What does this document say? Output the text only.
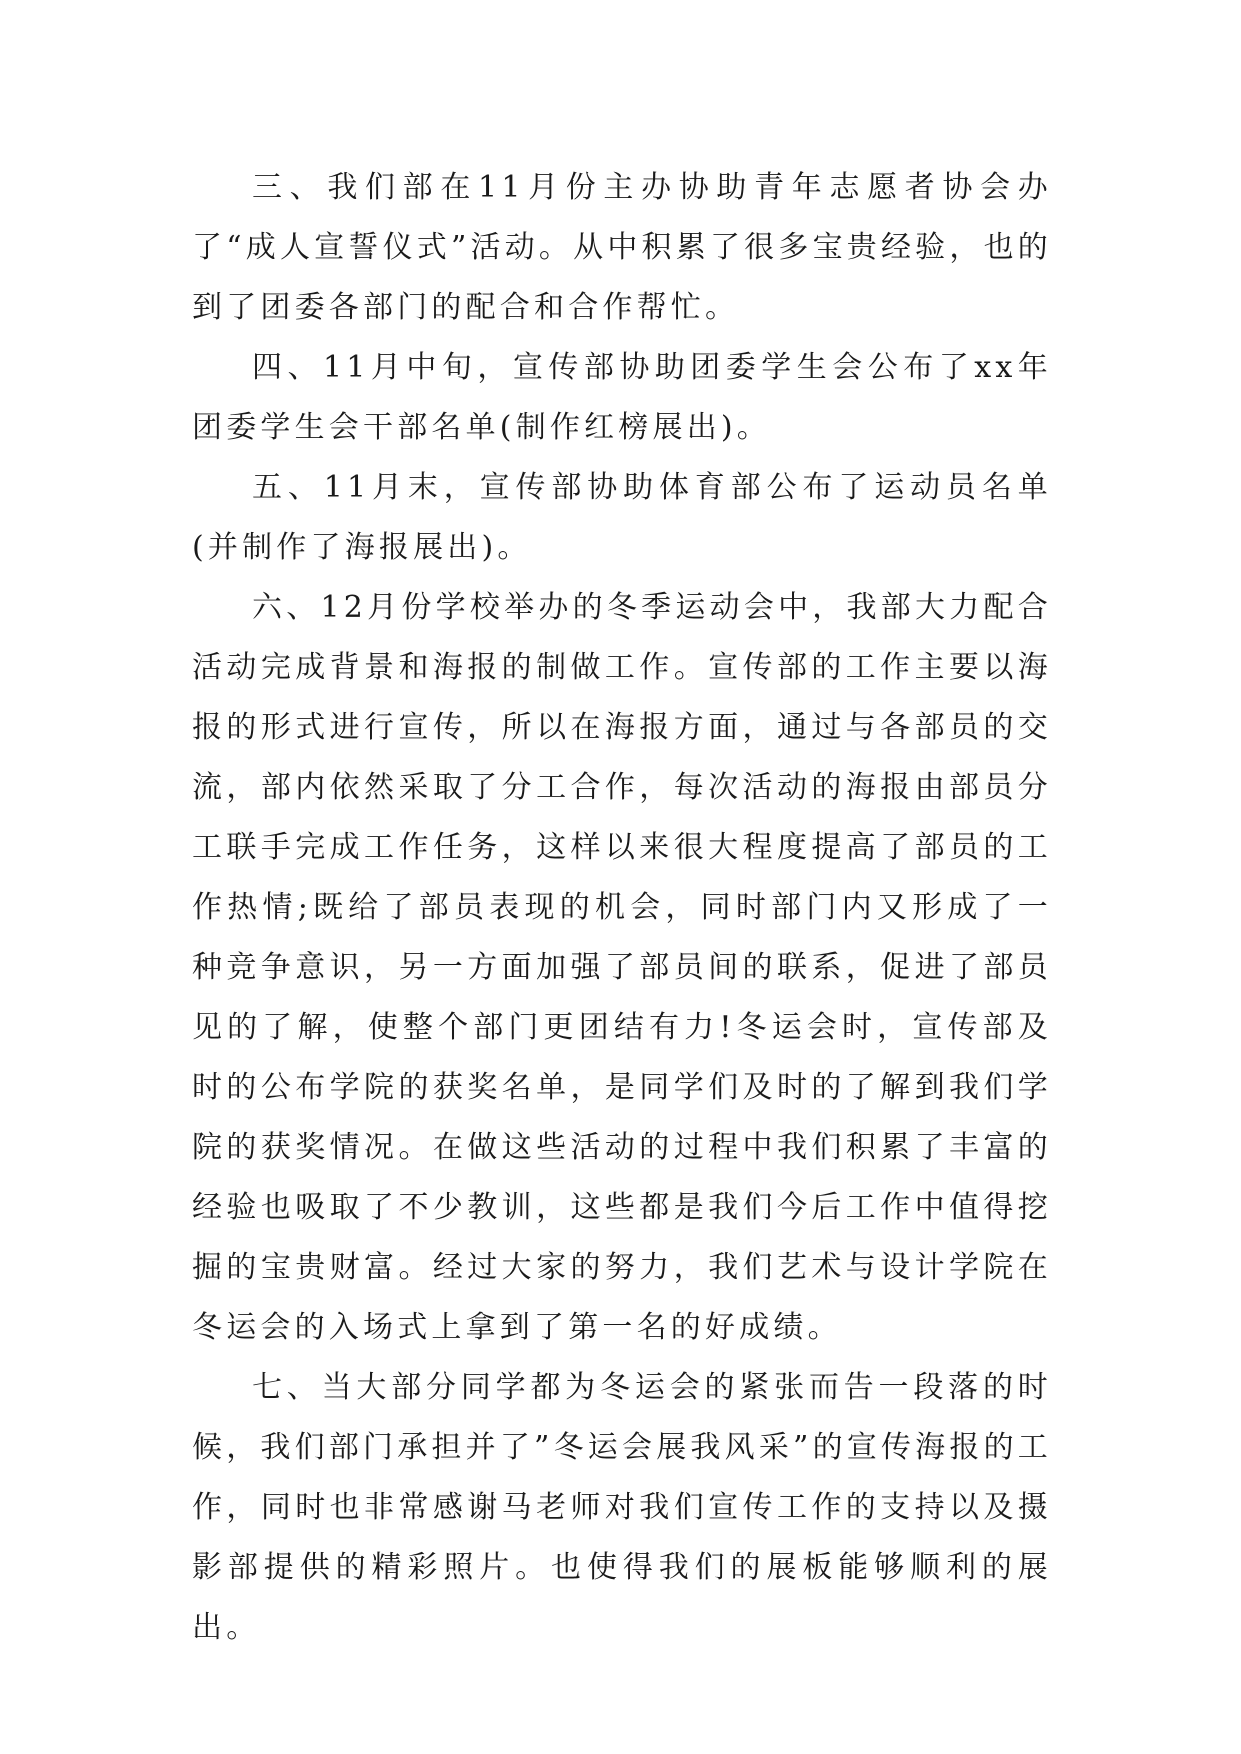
三、我们部在11月份主办协助青年志愿者协会办了“成人宣誓仪式”活动。从中积累了很多宝贵经验，也的到了团委各部门的配合和合作帮忙。

四、11月中旬，宣传部协助团委学生会公布了xx年团委学生会干部名单(制作红榜展出)。

五、11月末，宣传部协助体育部公布了运动员名单(并制作了海报展出)。

六、12月份学校举办的冬季运动会中，我部大力配合活动完成背景和海报的制做工作。宣传部的工作主要以海报的形式进行宣传，所以在海报方面，通过与各部员的交流，部内依然采取了分工合作，每次活动的海报由部员分工联手完成工作任务，这样以来很大程度提高了部员的工作热情;既给了部员表现的机会，同时部门内又形成了一种竞争意识，另一方面加强了部员间的联系，促进了部员见的了解，使整个部门更团结有力!冬运会时，宣传部及时的公布学院的获奖名单，是同学们及时的了解到我们学院的获奖情况。在做这些活动的过程中我们积累了丰富的经验也吸取了不少教训，这些都是我们今后工作中值得挖掘的宝贵财富。经过大家的努力，我们艺术与设计学院在冬运会的入场式上拿到了第一名的好成绩。

七、当大部分同学都为冬运会的紧张而告一段落的时候，我们部门承担并了”冬运会展我风采”的宣传海报的工作，同时也非常感谢马老师对我们宣传工作的支持以及摄影部提供的精彩照片。也使得我们的展板能够顺利的展出。
